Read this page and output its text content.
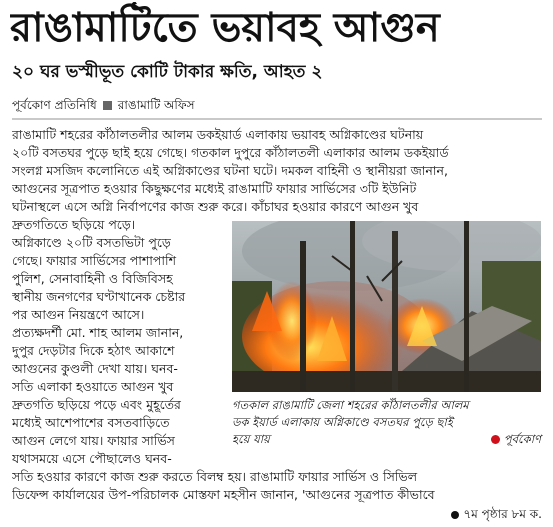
রাঙামাটিতে ভয়াবহ আগুন
২০ ঘর ভস্মীভূত কোটি টাকার ক্ষতি, আহত ২
পূর্বকোণ প্রতিনিধি রাঙামাটি অফিস
রাঙামাটি শহরের কাঁঠালতলীর আলম ডকইয়ার্ড এলাকায় ভয়াবহ অগ্নিকাণ্ডের ঘটনায়
২০টি বসতঘর পুড়ে ছাই হয়ে গেছে। গতকাল দুপুরে কাঁঠালতলী এলাকার আলম ডকইয়ার্ড
সংলগ্ন মসজিদ কলোনিতে এই অগ্নিকাণ্ডের ঘটনা ঘটে। দমকল বাহিনী ও স্থানীয়রা জানান,
আগুনের সূত্রপাত হওয়ার কিছুক্ষণের মধ্যেই রাঙামাটি ফায়ার সার্ভিসের ৩টি ইউনিট
ঘটনাস্থলে এসে অগ্নি নির্বাপণের কাজ শুরু করে। কাঁচাঘর হওয়ার কারণে আগুন খুব
দ্রুতগতিতে ছড়িয়ে পড়ে।
অগ্নিকাণ্ডে ২০টি বসতভিটা পুড়ে
গেছে। ফায়ার সার্ভিসের পাশাপাশি
পুলিশ, সেনাবাহিনী ও বিজিবিসহ
স্থানীয় জনগণের ঘণ্টাখানেক চেষ্টার
পর আগুন নিয়ন্ত্রণে আসে।
প্রত্যক্ষদর্শী মো. শাহ আলম জানান,
দুপুর দেড়টার দিকে হঠাৎ আকাশে
আগুনের কুণ্ডলী দেখা যায়। ঘনব-
সতি এলাকা হওয়াতে আগুন খুব
দ্রুতগতি ছড়িয়ে পড়ে এবং মুহূর্তের
মধ্যেই আশেপাশের বসতবাড়িতে
আগুন লেগে যায়। ফায়ার সার্ভিস
যথাসময়ে এসে পৌছালেও ঘনব-
সতি হওয়ার কারণে কাজ শুরু করতে বিলম্ব হয়। রাঙামাটি ফায়ার সার্ভিস ও সিভিল
ডিফেন্স কার্যালয়ের উপ-পরিচালক মোস্তফা মহসীন জানান, 'আগুনের সূত্রপাত কীভাবে
গতকাল রাঙামাটি জেলা শহরের কাঁঠালতলীর আলম
ডক ইয়ার্ড এলাকায় অগ্নিকাণ্ডে বসতঘর পুড়ে ছাই
হয়ে যায়	পূর্বকোণ
৭ম পৃষ্ঠার ৮ম ক.
